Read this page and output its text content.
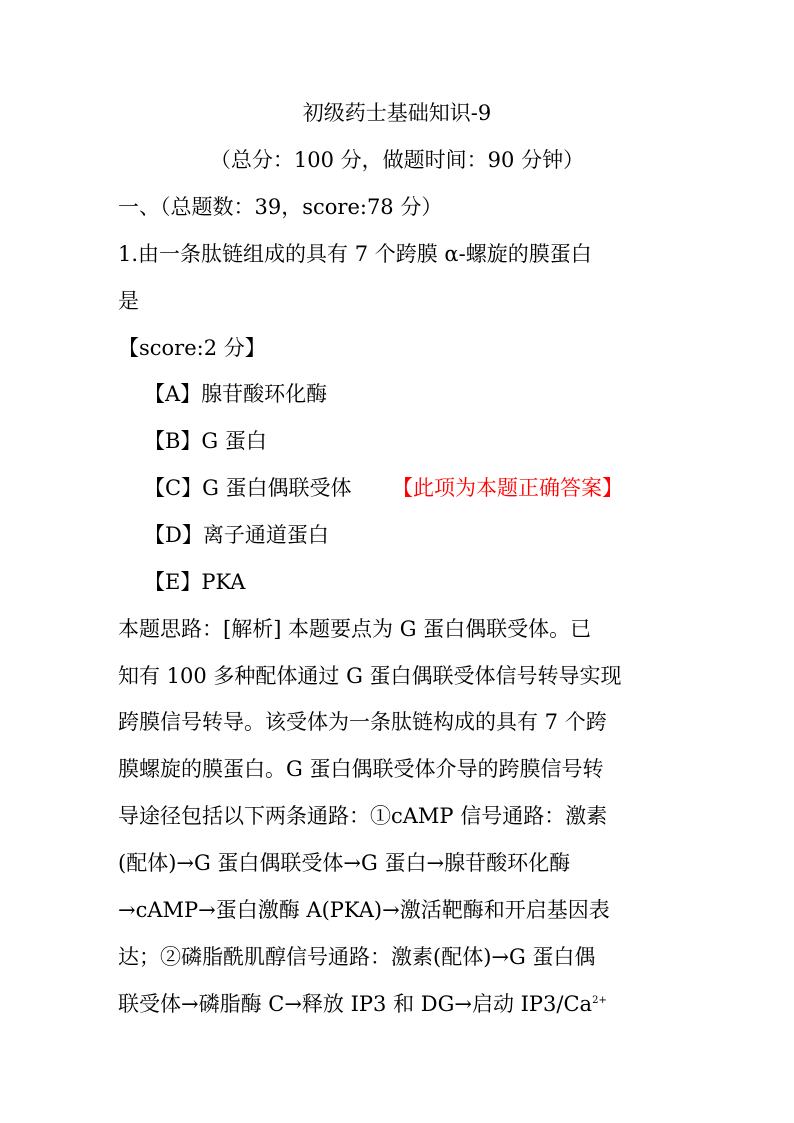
初级药士基础知识-9
（总分：100 分，做题时间：90 分钟）
一、（总题数：39，score:78 分）
1.由一条肽链组成的具有 7 个跨膜 α-螺旋的膜蛋白
是
【score:2 分】
【A】腺苷酸环化酶
【B】G 蛋白
【C】G 蛋白偶联受体 【此项为本题正确答案】
【D】离子通道蛋白
【E】PKA
本题思路：[解析] 本题要点为 G 蛋白偶联受体。已
知有 100 多种配体通过 G 蛋白偶联受体信号转导实现
跨膜信号转导。该受体为一条肽链构成的具有 7 个跨
膜螺旋的膜蛋白。G 蛋白偶联受体介导的跨膜信号转
导途径包括以下两条通路：①cAMP 信号通路：激素
(配体)→G 蛋白偶联受体→G 蛋白→腺苷酸环化酶
→cAMP→蛋白激酶 A(PKA)→激活靶酶和开启基因表
达；②磷脂酰肌醇信号通路：激素(配体)→G 蛋白偶
联受体→磷脂酶 C→释放 IP3 和 DG→启动 $IP3/Ca^{2+}$
